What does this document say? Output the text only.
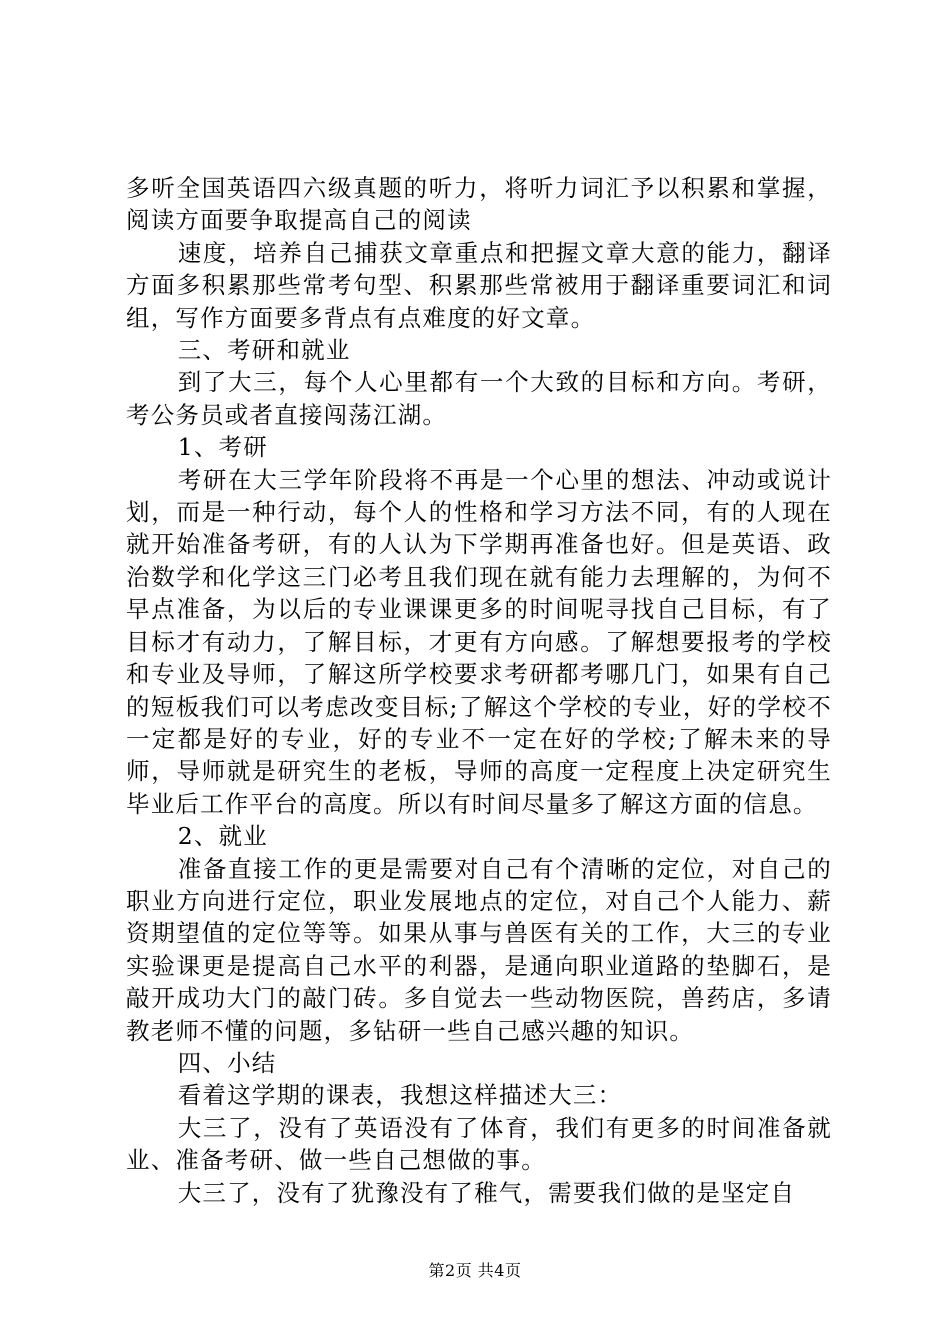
多听全国英语四六级真题的听力，将听力词汇予以积累和掌握，阅读方面要争取提高自己的阅读

速度，培养自己捕获文章重点和把握文章大意的能力，翻译方面多积累那些常考句型、积累那些常被用于翻译重要词汇和词组，写作方面要多背点有点难度的好文章。

三、考研和就业

到了大三，每个人心里都有一个大致的目标和方向。考研，考公务员或者直接闯荡江湖。

1、考研

考研在大三学年阶段将不再是一个心里的想法、冲动或说计划，而是一种行动，每个人的性格和学习方法不同，有的人现在就开始准备考研，有的人认为下学期再准备也好。但是英语、政治数学和化学这三门必考且我们现在就有能力去理解的，为何不早点准备，为以后的专业课课更多的时间呢寻找自己目标，有了目标才有动力，了解目标，才更有方向感。了解想要报考的学校和专业及导师，了解这所学校要求考研都考哪几门，如果有自己的短板我们可以考虑改变目标;了解这个学校的专业，好的学校不一定都是好的专业，好的专业不一定在好的学校;了解未来的导师，导师就是研究生的老板，导师的高度一定程度上决定研究生毕业后工作平台的高度。所以有时间尽量多了解这方面的信息。

2、就业

准备直接工作的更是需要对自己有个清晰的定位，对自己的职业方向进行定位，职业发展地点的定位，对自己个人能力、薪资期望值的定位等等。如果从事与兽医有关的工作，大三的专业实验课更是提高自己水平的利器，是通向职业道路的垫脚石，是敲开成功大门的敲门砖。多自觉去一些动物医院，兽药店，多请教老师不懂的问题，多钻研一些自己感兴趣的知识。

四、小结

看着这学期的课表，我想这样描述大三：

大三了，没有了英语没有了体育，我们有更多的时间准备就业、准备考研、做一些自己想做的事。

大三了，没有了犹豫没有了稚气，需要我们做的是坚定自

第2页 共4页
